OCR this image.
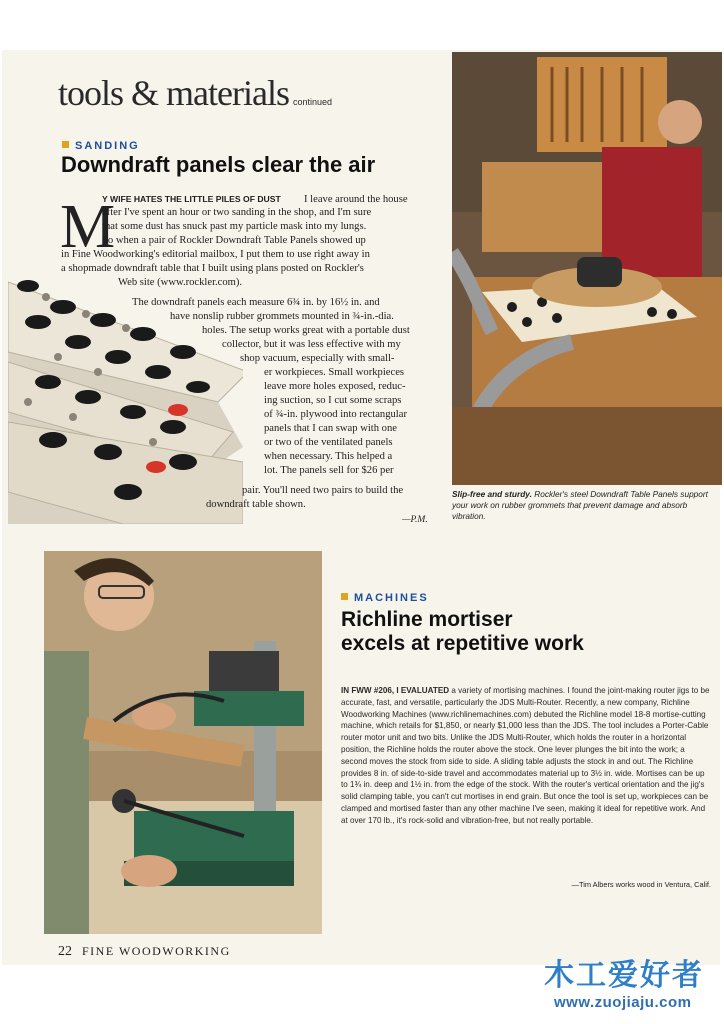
tools & materials continued
SANDING
Downdraft panels clear the air
Slip-free and sturdy. Rockler's steel Downdraft Table Panels support your work on rubber grommets that prevent damage and absorb vibration.
M
Y WIFE HATES THE LITTLE PILES OF DUST I leave around the house
after I've spent an hour or two sanding in the shop, and I'm sure
that some dust has snuck past my particle mask into my lungs.
So when a pair of Rockler Downdraft Table Panels showed up
in Fine Woodworking's editorial mailbox, I put them to use right away in
a shopmade downdraft table that I built using plans posted on Rockler's
Web site (www.rockler.com).
The downdraft panels each measure 6¾ in. by 16½ in. and
have nonslip rubber grommets mounted in ¾-in.-dia.
holes. The setup works great with a portable dust
collector, but it was less effective with my
shop vacuum, especially with small-
er workpieces. Small workpieces
leave more holes exposed, reduc-
ing suction, so I cut some scraps
of ¾-in. plywood into rectangular
panels that I can swap with one
or two of the ventilated panels
when necessary. This helped a
lot. The panels sell for $26 per
pair. You'll need two pairs to build the
downdraft table shown.
—P.M.
MACHINES
Richline mortiser
excels at repetitive work
IN FWW #206, I EVALUATED a variety of mortising machines. I found the joint-making router jigs to be accurate, fast, and versatile, particularly the JDS Multi-Router. Recently, a new company, Richline Woodworking Machines (www.richlinemachines.com) debuted the Richline model 18-8 mortise-cutting machine, which retails for $1,850, or nearly $1,000 less than the JDS. The tool includes a Porter-Cable router motor unit and two bits. Unlike the JDS Multi-Router, which holds the router in a horizontal position, the Richline holds the router above the stock. One lever plunges the bit into the work; a second moves the stock from side to side. A sliding table adjusts the stock in and out. The Richline provides 8 in. of side-to-side travel and accommodates material up to 3½ in. wide. Mortises can be up to 1¾ in. deep and 1½ in. from the edge of the stock. With the router's vertical orientation and the jig's solid clamping table, you can't cut mortises in end grain. But once the tool is set up, workpieces can be clamped and mortised faster than any other machine I've seen, making it ideal for repetitive work. And at over 170 lb., it's rock-solid and vibration-free, but not really portable.
—Tim Albers works wood in Ventura, Calif.
22 FINE WOODWORKING
木工爱好者
www.zuojiaju.com
